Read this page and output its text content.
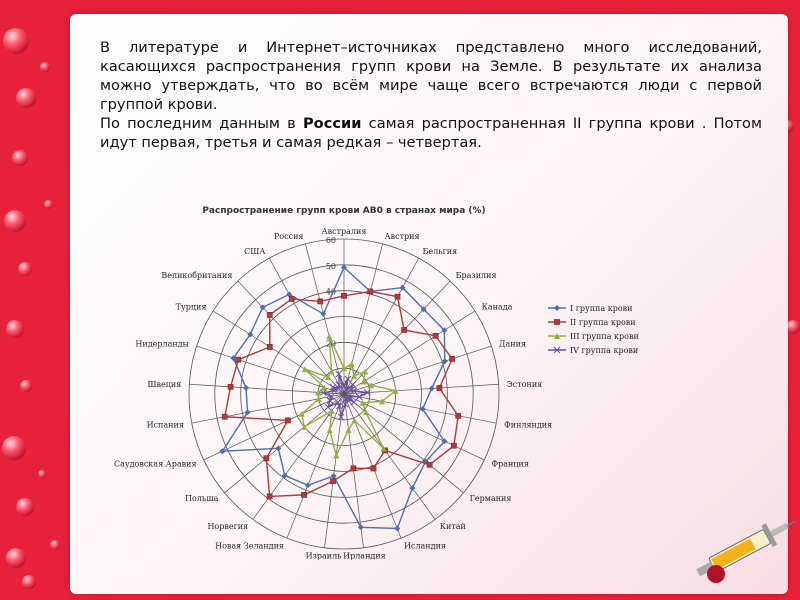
В литературе и Интернет–источниках представлено много исследований, касающихся распространения групп крови на Земле. В результате их анализа можно утверждать, что во всём мире чаще всего встречаются люди с первой группой крови.

По последним данным в России самая распространенная II группа крови . Потом идут первая, третья и самая редкая – четвертая.

Распространение групп крови АВ0 в странах мира (%)
20
40
50
60
Австралия
Австрия
Бельгия
Бразилия
Канада
Дания
Эстония
Финляндия
Франция
Германия
Китай
Исландия
Ирландия
Израиль
Новая Зеландия
Норвегия
Польша
Саудовская Аравия
Испания
Швеция
Нидерланды
Турция
Великобритания
США
Россия
I группа крови
II группа крови
III группа крови
IV группа крови
